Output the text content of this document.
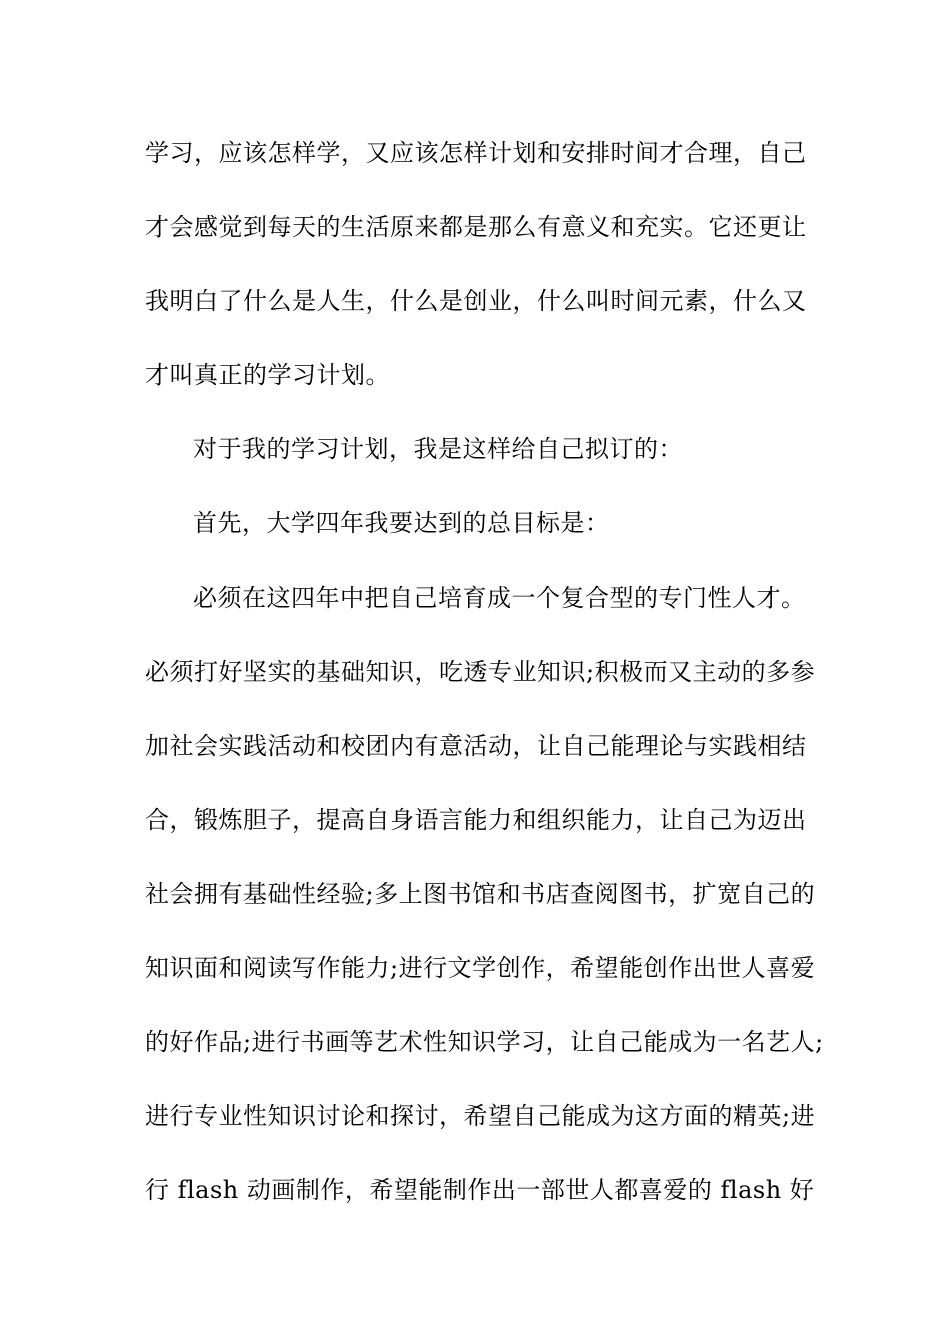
学习，应该怎样学，又应该怎样计划和安排时间才合理，自己
才会感觉到每天的生活原来都是那么有意义和充实。它还更让
我明白了什么是人生，什么是创业，什么叫时间元素，什么又
才叫真正的学习计划。
对于我的学习计划，我是这样给自己拟订的：
首先，大学四年我要达到的总目标是：
必须在这四年中把自己培育成一个复合型的专门性人才。
必须打好坚实的基础知识，吃透专业知识;积极而又主动的多参
加社会实践活动和校团内有意活动，让自己能理论与实践相结
合，锻炼胆子，提高自身语言能力和组织能力，让自己为迈出
社会拥有基础性经验;多上图书馆和书店查阅图书，扩宽自己的
知识面和阅读写作能力;进行文学创作，希望能创作出世人喜爱
的好作品;进行书画等艺术性知识学习，让自己能成为一名艺人;
进行专业性知识讨论和探讨，希望自己能成为这方面的精英;进
行 flash 动画制作，希望能制作出一部世人都喜爱的 flash 好
